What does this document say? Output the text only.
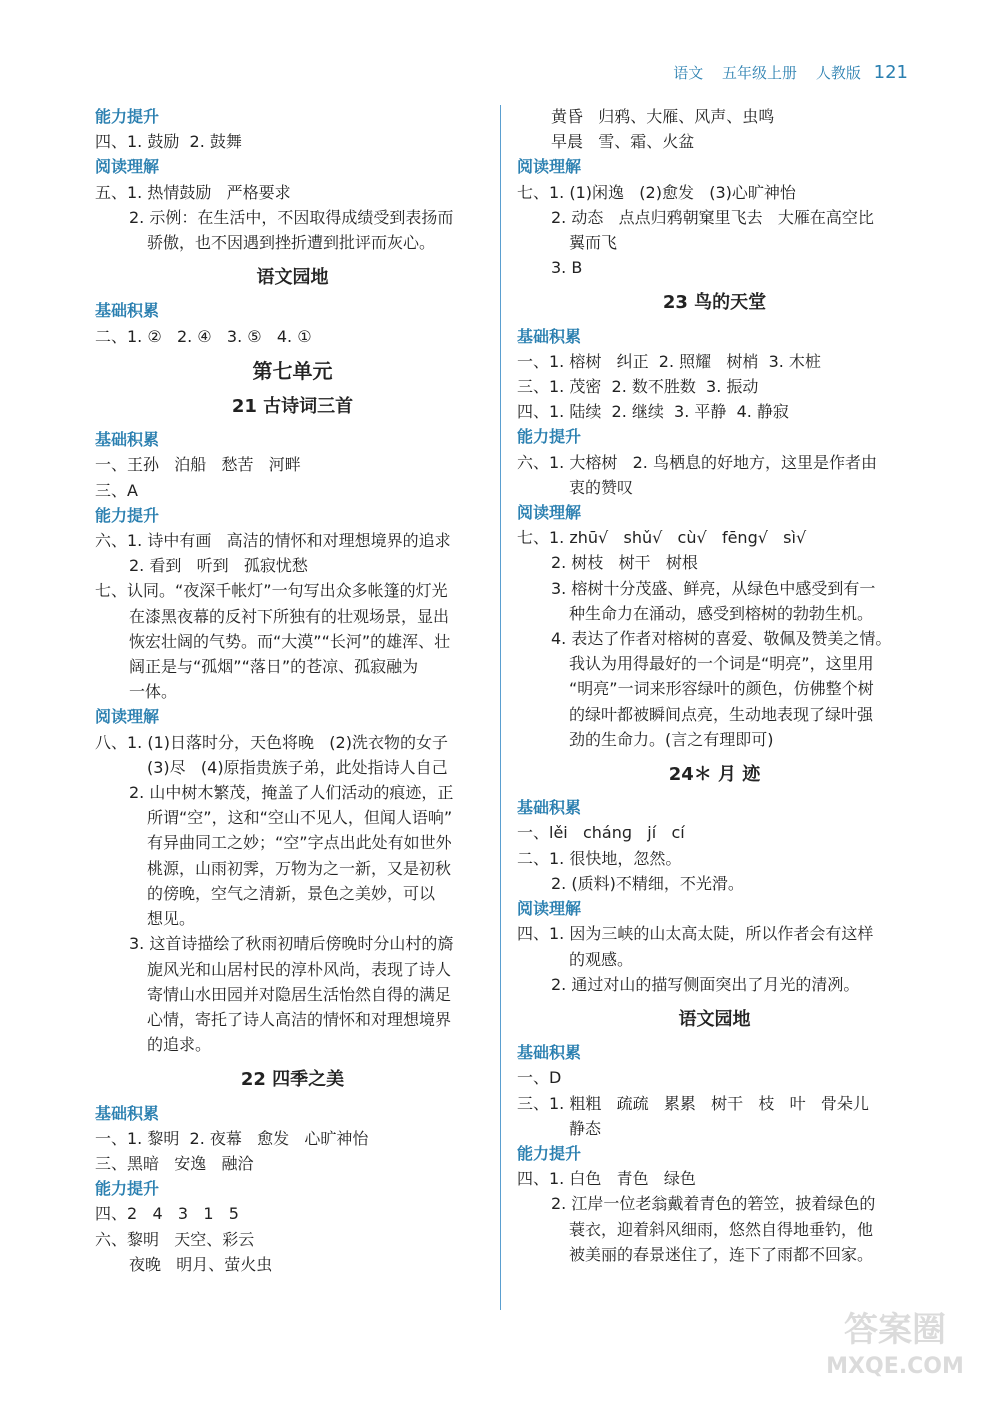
语文 五年级上册 人教版 121
能力提升
四、1. 鼓励  2. 鼓舞
阅读理解
五、1. 热情鼓励   严格要求
2. 示例：在生活中，不因取得成绩受到表扬而
骄傲，也不因遇到挫折遭到批评而灰心。
语文园地
基础积累
二、1. ②   2. ④   3. ⑤   4. ①
第七单元
21 古诗词三首
基础积累
一、王孙   泊船   愁苦   河畔
三、A
能力提升
六、1. 诗中有画   高洁的情怀和对理想境界的追求
2. 看到   听到   孤寂忧愁
七、认同。“夜深千帐灯”一句写出众多帐篷的灯光
在漆黑夜幕的反衬下所独有的壮观场景，显出
恢宏壮阔的气势。而“大漠”“长河”的雄浑、壮
阔正是与“孤烟”“落日”的苍凉、孤寂融为
一体。
阅读理解
八、1. (1)日落时分，天色将晚   (2)洗衣物的女子
(3)尽   (4)原指贵族子弟，此处指诗人自己
2. 山中树木繁茂，掩盖了人们活动的痕迹，正
所谓“空”，这和“空山不见人，但闻人语响”
有异曲同工之妙；“空”字点出此处有如世外
桃源，山雨初霁，万物为之一新，又是初秋
的傍晚，空气之清新，景色之美妙，可以
想见。
3. 这首诗描绘了秋雨初晴后傍晚时分山村的旖
旎风光和山居村民的淳朴风尚，表现了诗人
寄情山水田园并对隐居生活怡然自得的满足
心情，寄托了诗人高洁的情怀和对理想境界
的追求。
22 四季之美
基础积累
一、1. 黎明  2. 夜幕   愈发   心旷神怡
三、黑暗   安逸   融洽
能力提升
四、2   4   3   1   5
六、黎明   天空、彩云
夜晚   明月、萤火虫
黄昏   归鸦、大雁、风声、虫鸣
早晨   雪、霜、火盆
阅读理解
七、1. (1)闲逸   (2)愈发   (3)心旷神怡
2. 动态   点点归鸦朝窠里飞去   大雁在高空比
翼而飞
3. B
23 鸟的天堂
基础积累
一、1. 榕树   纠正  2. 照耀   树梢  3. 木桩
三、1. 茂密  2. 数不胜数  3. 振动
四、1. 陆续  2. 继续  3. 平静  4. 静寂
能力提升
六、1. 大榕树   2. 鸟栖息的好地方，这里是作者由
衷的赞叹
阅读理解
七、1. zhū√   shǔ√   cù√   fēng√   sì√
2. 树枝   树干   树根
3. 榕树十分茂盛、鲜亮，从绿色中感受到有一
种生命力在涌动，感受到榕树的勃勃生机。
4. 表达了作者对榕树的喜爱、敬佩及赞美之情。
我认为用得最好的一个词是“明亮”，这里用
“明亮”一词来形容绿叶的颜色，仿佛整个树
的绿叶都被瞬间点亮，生动地表现了绿叶强
劲的生命力。(言之有理即可)
24＊ 月 迹
基础积累
一、lěi   chánɡ   jí   cí
二、1. 很快地，忽然。
2. (质料)不精细，不光滑。
阅读理解
四、1. 因为三峡的山太高太陡，所以作者会有这样
的观感。
2. 通过对山的描写侧面突出了月光的清冽。
语文园地
基础积累
一、D
三、1. 粗粗   疏疏   累累   树干   枝   叶   骨朵儿
静态
能力提升
四、1. 白色   青色   绿色
2. 江岸一位老翁戴着青色的箬笠，披着绿色的
蓑衣，迎着斜风细雨，悠然自得地垂钓，他
被美丽的春景迷住了，连下了雨都不回家。
答案圈
MXQE.COM
